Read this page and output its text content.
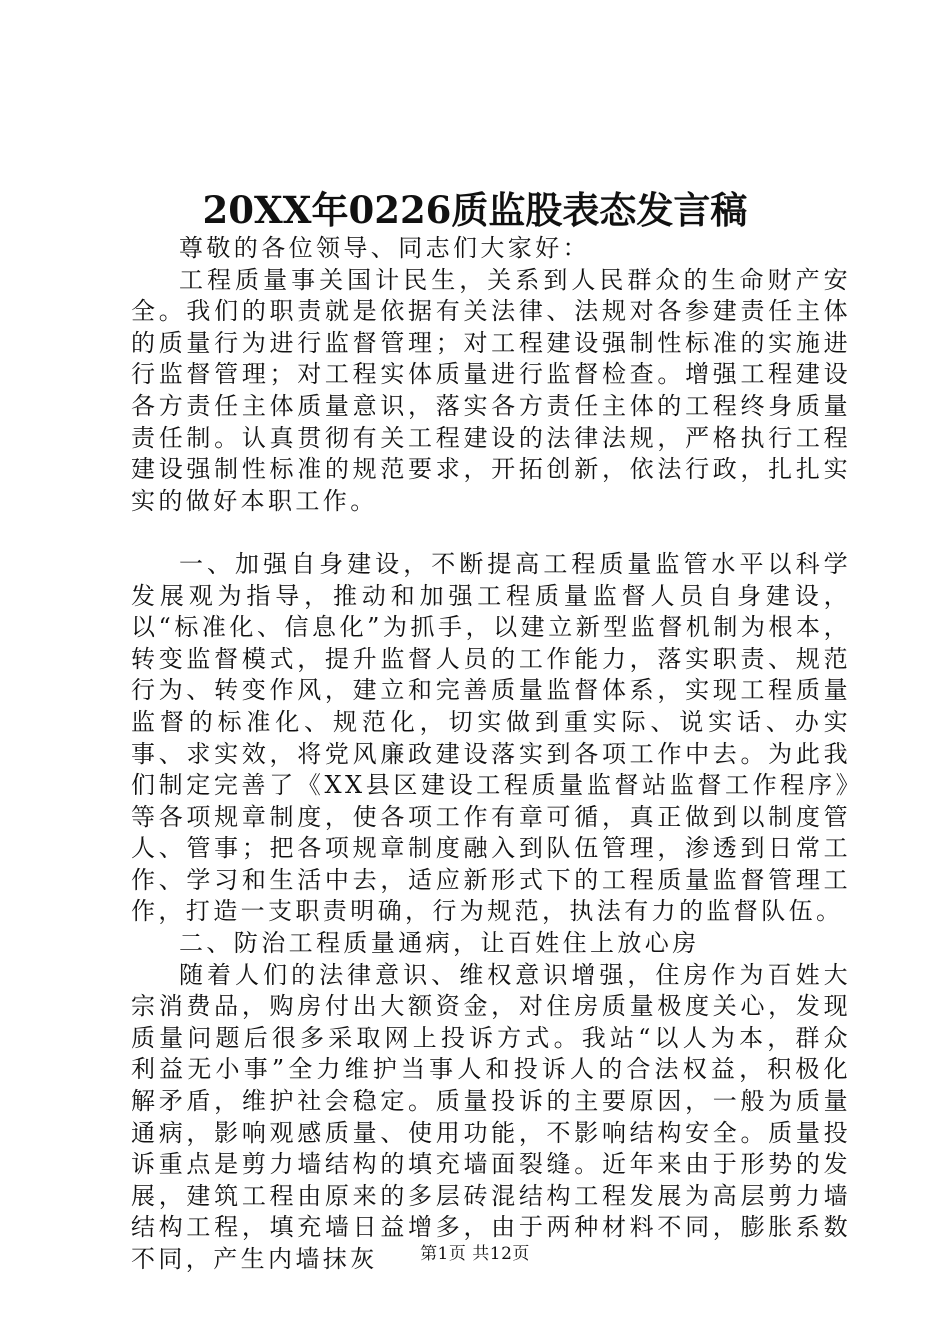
20XX年0226质监股表态发言稿

尊敬的各位领导、同志们大家好：

工程质量事关国计民生，关系到人民群众的生命财产安全。我们的职责就是依据有关法律、法规对各参建责任主体的质量行为进行监督管理；对工程建设强制性标准的实施进行监督管理；对工程实体质量进行监督检查。增强工程建设各方责任主体质量意识，落实各方责任主体的工程终身质量责任制。认真贯彻有关工程建设的法律法规，严格执行工程建设强制性标准的规范要求，开拓创新，依法行政，扎扎实实的做好本职工作。

一、加强自身建设，不断提高工程质量监管水平以科学发展观为指导，推动和加强工程质量监督人员自身建设，以“标准化、信息化”为抓手，以建立新型监督机制为根本，转变监督模式，提升监督人员的工作能力，落实职责、规范行为、转变作风，建立和完善质量监督体系，实现工程质量监督的标准化、规范化，切实做到重实际、说实话、办实事、求实效，将党风廉政建设落实到各项工作中去。为此我们制定完善了《XX县区建设工程质量监督站监督工作程序》等各项规章制度，使各项工作有章可循，真正做到以制度管人、管事；把各项规章制度融入到队伍管理，渗透到日常工作、学习和生活中去，适应新形式下的工程质量监督管理工作，打造一支职责明确，行为规范，执法有力的监督队伍。

二、防治工程质量通病，让百姓住上放心房

随着人们的法律意识、维权意识增强，住房作为百姓大宗消费品，购房付出大额资金，对住房质量极度关心，发现质量问题后很多采取网上投诉方式。我站“以人为本，群众利益无小事”全力维护当事人和投诉人的合法权益，积极化解矛盾，维护社会稳定。质量投诉的主要原因，一般为质量通病，影响观感质量、使用功能，不影响结构安全。质量投诉重点是剪力墙结构的填充墙面裂缝。近年来由于形势的发展，建筑工程由原来的多层砖混结构工程发展为高层剪力墙结构工程，填充墙日益增多，由于两种材料不同，膨胀系数不同，产生内墙抹灰	第1页 共12页
